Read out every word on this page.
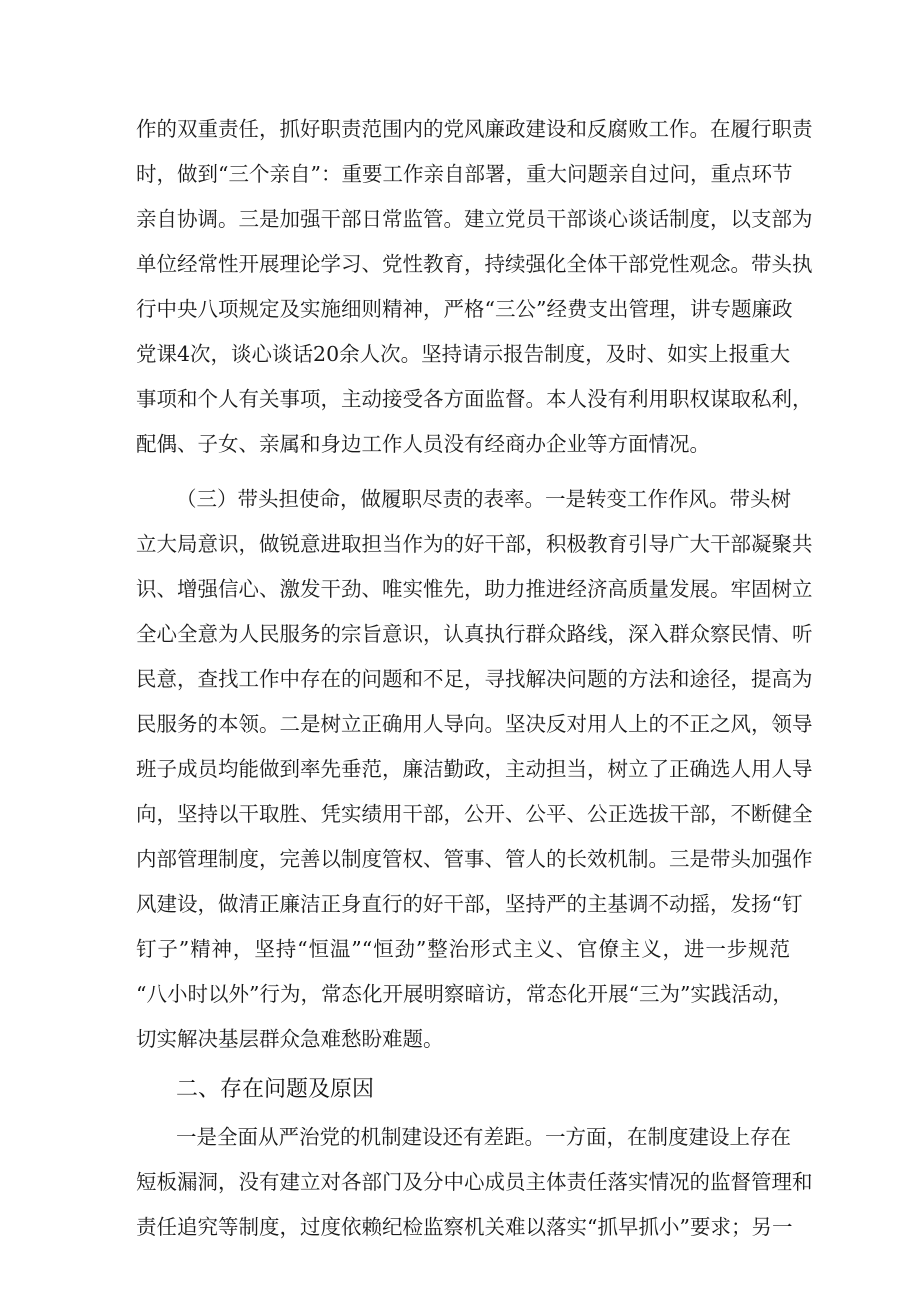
作的双重责任，抓好职责范围内的党风廉政建设和反腐败工作。在履行职责
时，做到“三个亲自”：重要工作亲自部署，重大问题亲自过问，重点环节
亲自协调。三是加强干部日常监管。建立党员干部谈心谈话制度，以支部为
单位经常性开展理论学习、党性教育，持续强化全体干部党性观念。带头执
行中央八项规定及实施细则精神，严格“三公”经费支出管理，讲专题廉政
党课4次，谈心谈话20余人次。坚持请示报告制度，及时、如实上报重大
事项和个人有关事项，主动接受各方面监督。本人没有利用职权谋取私利，
配偶、子女、亲属和身边工作人员没有经商办企业等方面情况。
（三）带头担使命，做履职尽责的表率。一是转变工作作风。带头树
立大局意识，做锐意进取担当作为的好干部，积极教育引导广大干部凝聚共
识、增强信心、激发干劲、唯实惟先，助力推进经济高质量发展。牢固树立
全心全意为人民服务的宗旨意识，认真执行群众路线，深入群众察民情、听
民意，查找工作中存在的问题和不足，寻找解决问题的方法和途径，提高为
民服务的本领。二是树立正确用人导向。坚决反对用人上的不正之风，领导
班子成员均能做到率先垂范，廉洁勤政，主动担当，树立了正确选人用人导
向，坚持以干取胜、凭实绩用干部，公开、公平、公正选拔干部，不断健全
内部管理制度，完善以制度管权、管事、管人的长效机制。三是带头加强作
风建设，做清正廉洁正身直行的好干部，坚持严的主基调不动摇，发扬“钉
钉子”精神，坚持“恒温”“恒劲”整治形式主义、官僚主义，进一步规范
“八小时以外”行为，常态化开展明察暗访，常态化开展“三为”实践活动，
切实解决基层群众急难愁盼难题。
二、存在问题及原因
一是全面从严治党的机制建设还有差距。一方面，在制度建设上存在
短板漏洞，没有建立对各部门及分中心成员主体责任落实情况的监督管理和
责任追究等制度，过度依赖纪检监察机关难以落实“抓早抓小”要求；另一
